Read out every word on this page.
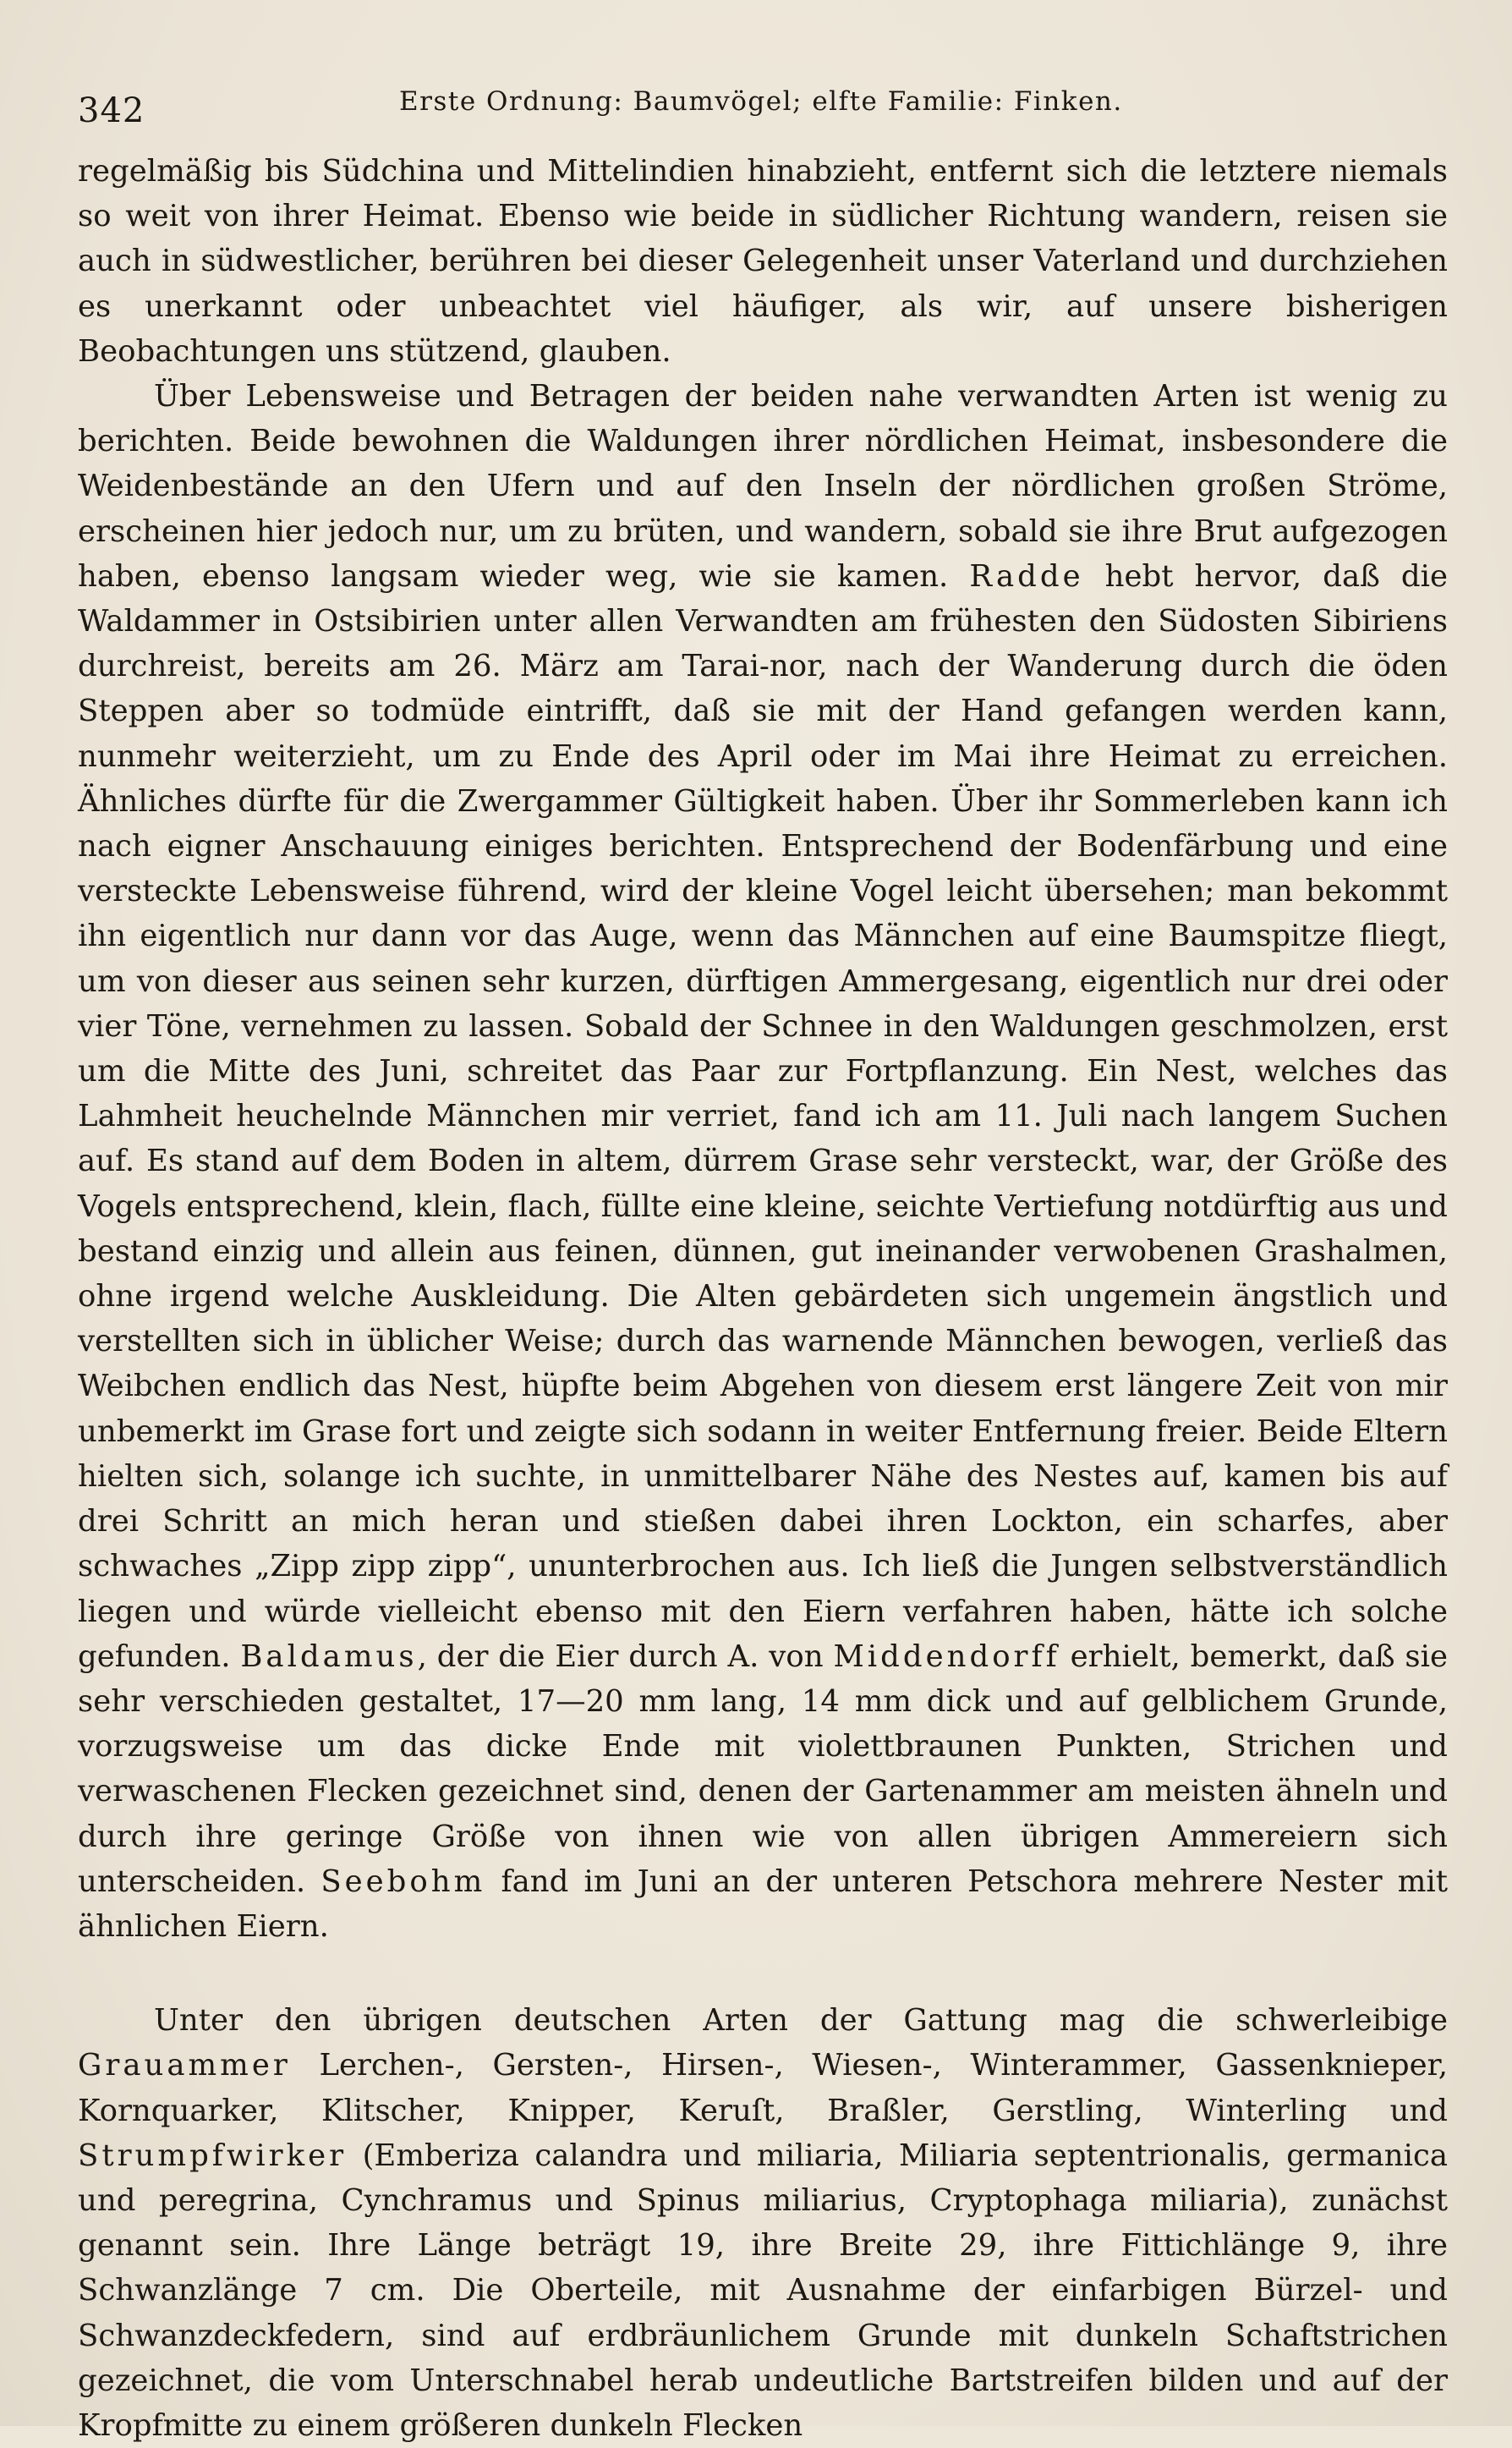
342	Erste Ordnung: Baumvögel; elfte Familie: Finken.

regelmäßig bis Südchina und Mittelindien hinabzieht, entfernt sich die letztere niemals so weit von ihrer Heimat. Ebenso wie beide in südlicher Richtung wandern, reisen sie auch in südwestlicher, berühren bei dieser Gelegenheit unser Vaterland und durchziehen es unerkannt oder unbeachtet viel häufiger, als wir, auf unsere bisherigen Beobachtungen uns stützend, glauben.

Über Lebensweise und Betragen der beiden nahe verwandten Arten ist wenig zu berichten. Beide bewohnen die Waldungen ihrer nördlichen Heimat, insbesondere die Weidenbestände an den Ufern und auf den Inseln der nördlichen großen Ströme, erscheinen hier jedoch nur, um zu brüten, und wandern, sobald sie ihre Brut aufgezogen haben, ebenso langsam wieder weg, wie sie kamen. Radde hebt hervor, daß die Waldammer in Ostsibirien unter allen Verwandten am frühesten den Südosten Sibiriens durchreist, bereits am 26. März am Tarai-nor, nach der Wanderung durch die öden Steppen aber so todmüde eintrifft, daß sie mit der Hand gefangen werden kann, nunmehr weiterzieht, um zu Ende des April oder im Mai ihre Heimat zu erreichen. Ähnliches dürfte für die Zwergammer Gültigkeit haben. Über ihr Sommerleben kann ich nach eigner Anschauung einiges berichten. Entsprechend der Bodenfärbung und eine versteckte Lebensweise führend, wird der kleine Vogel leicht übersehen; man bekommt ihn eigentlich nur dann vor das Auge, wenn das Männchen auf eine Baumspitze fliegt, um von dieser aus seinen sehr kurzen, dürftigen Ammergesang, eigentlich nur drei oder vier Töne, vernehmen zu lassen. Sobald der Schnee in den Waldungen geschmolzen, erst um die Mitte des Juni, schreitet das Paar zur Fortpflanzung. Ein Nest, welches das Lahmheit heuchelnde Männchen mir verriet, fand ich am 11. Juli nach langem Suchen auf. Es stand auf dem Boden in altem, dürrem Grase sehr versteckt, war, der Größe des Vogels entsprechend, klein, flach, füllte eine kleine, seichte Vertiefung notdürftig aus und bestand einzig und allein aus feinen, dünnen, gut ineinander verwobenen Grashalmen, ohne irgend welche Auskleidung. Die Alten gebärdeten sich ungemein ängstlich und verstellten sich in üblicher Weise; durch das warnende Männchen bewogen, verließ das Weibchen endlich das Nest, hüpfte beim Abgehen von diesem erst längere Zeit von mir unbemerkt im Grase fort und zeigte sich sodann in weiter Entfernung freier. Beide Eltern hielten sich, solange ich suchte, in unmittelbarer Nähe des Nestes auf, kamen bis auf drei Schritt an mich heran und stießen dabei ihren Lockton, ein scharfes, aber schwaches „Zipp zipp zipp“, ununterbrochen aus. Ich ließ die Jungen selbstverständlich liegen und würde vielleicht ebenso mit den Eiern verfahren haben, hätte ich solche gefunden. Baldamus, der die Eier durch A. von Middendorff erhielt, bemerkt, daß sie sehr verschieden gestaltet, 17—20 mm lang, 14 mm dick und auf gelblichem Grunde, vorzugsweise um das dicke Ende mit violettbraunen Punkten, Strichen und verwaschenen Flecken gezeichnet sind, denen der Gartenammer am meisten ähneln und durch ihre geringe Größe von ihnen wie von allen übrigen Ammereiern sich unterscheiden. Seebohm fand im Juni an der unteren Petschora mehrere Nester mit ähnlichen Eiern.

Unter den übrigen deutschen Arten der Gattung mag die schwerleibige Grauammer Lerchen-, Gersten-, Hirsen-, Wiesen-, Winterammer, Gassenknieper, Kornquarker, Klitscher, Knipper, Keruſt, Braßler, Gerstling, Winterling und Strumpfwirker (Emberiza calandra und miliaria, Miliaria septentrionalis, germanica und peregrina, Cynchramus und Spinus miliarius, Cryptophaga miliaria), zunächst genannt sein. Ihre Länge beträgt 19, ihre Breite 29, ihre Fittichlänge 9, ihre Schwanzlänge 7 cm. Die Oberteile, mit Ausnahme der einfarbigen Bürzel- und Schwanzdeckfedern, sind auf erdbräunlichem Grunde mit dunkeln Schaftstrichen gezeichnet, die vom Unterschnabel herab undeutliche Bartstreifen bilden und auf der Kropfmitte zu einem größeren dunkeln Flecken
